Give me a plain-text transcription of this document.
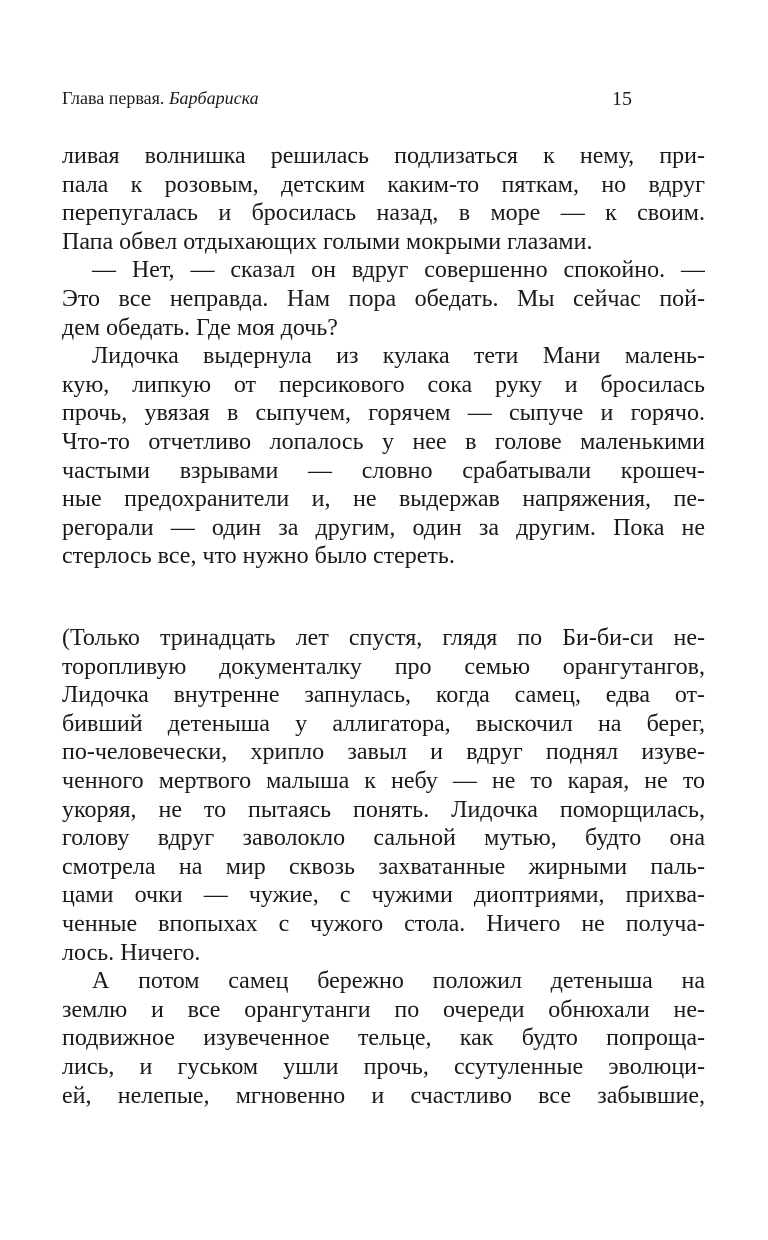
Глава первая. Барбариска	15
ливая волнишка решилась подлизаться к нему, при-
пала к розовым, детским каким-то пяткам, но вдруг
перепугалась и бросилась назад, в море — к своим.
Папа обвел отдыхающих голыми мокрыми глазами.
— Нет, — сказал он вдруг совершенно спокойно. —
Это все неправда. Нам пора обедать. Мы сейчас пой-
дем обедать. Где моя дочь?
Лидочка выдернула из кулака тети Мани малень-
кую, липкую от персикового сока руку и бросилась
прочь, увязая в сыпучем, горячем — сыпуче и горячо.
Что-то отчетливо лопалось у нее в голове маленькими
частыми взрывами — словно срабатывали крошеч-
ные предохранители и, не выдержав напряжения, пе-
регорали — один за другим, один за другим. Пока не
стерлось все, что нужно было стереть.
(Только тринадцать лет спустя, глядя по Би-би-си не-
торопливую документалку про семью орангутангов,
Лидочка внутренне запнулась, когда самец, едва от-
бивший детеныша у аллигатора, выскочил на берег,
по-человечески, хрипло завыл и вдруг поднял изуве-
ченного мертвого малыша к небу — не то карая, не то
укоряя, не то пытаясь понять. Лидочка поморщилась,
голову вдруг заволокло сальной мутью, будто она
смотрела на мир сквозь захватанные жирными паль-
цами очки — чужие, с чужими диоптриями, прихва-
ченные впопыхах с чужого стола. Ничего не получа-
лось. Ничего.
А потом самец бережно положил детеныша на
землю и все орангутанги по очереди обнюхали не-
подвижное изувеченное тельце, как будто попроща-
лись, и гуськом ушли прочь, ссутуленные эволюци-
ей, нелепые, мгновенно и счастливо все забывшие,
